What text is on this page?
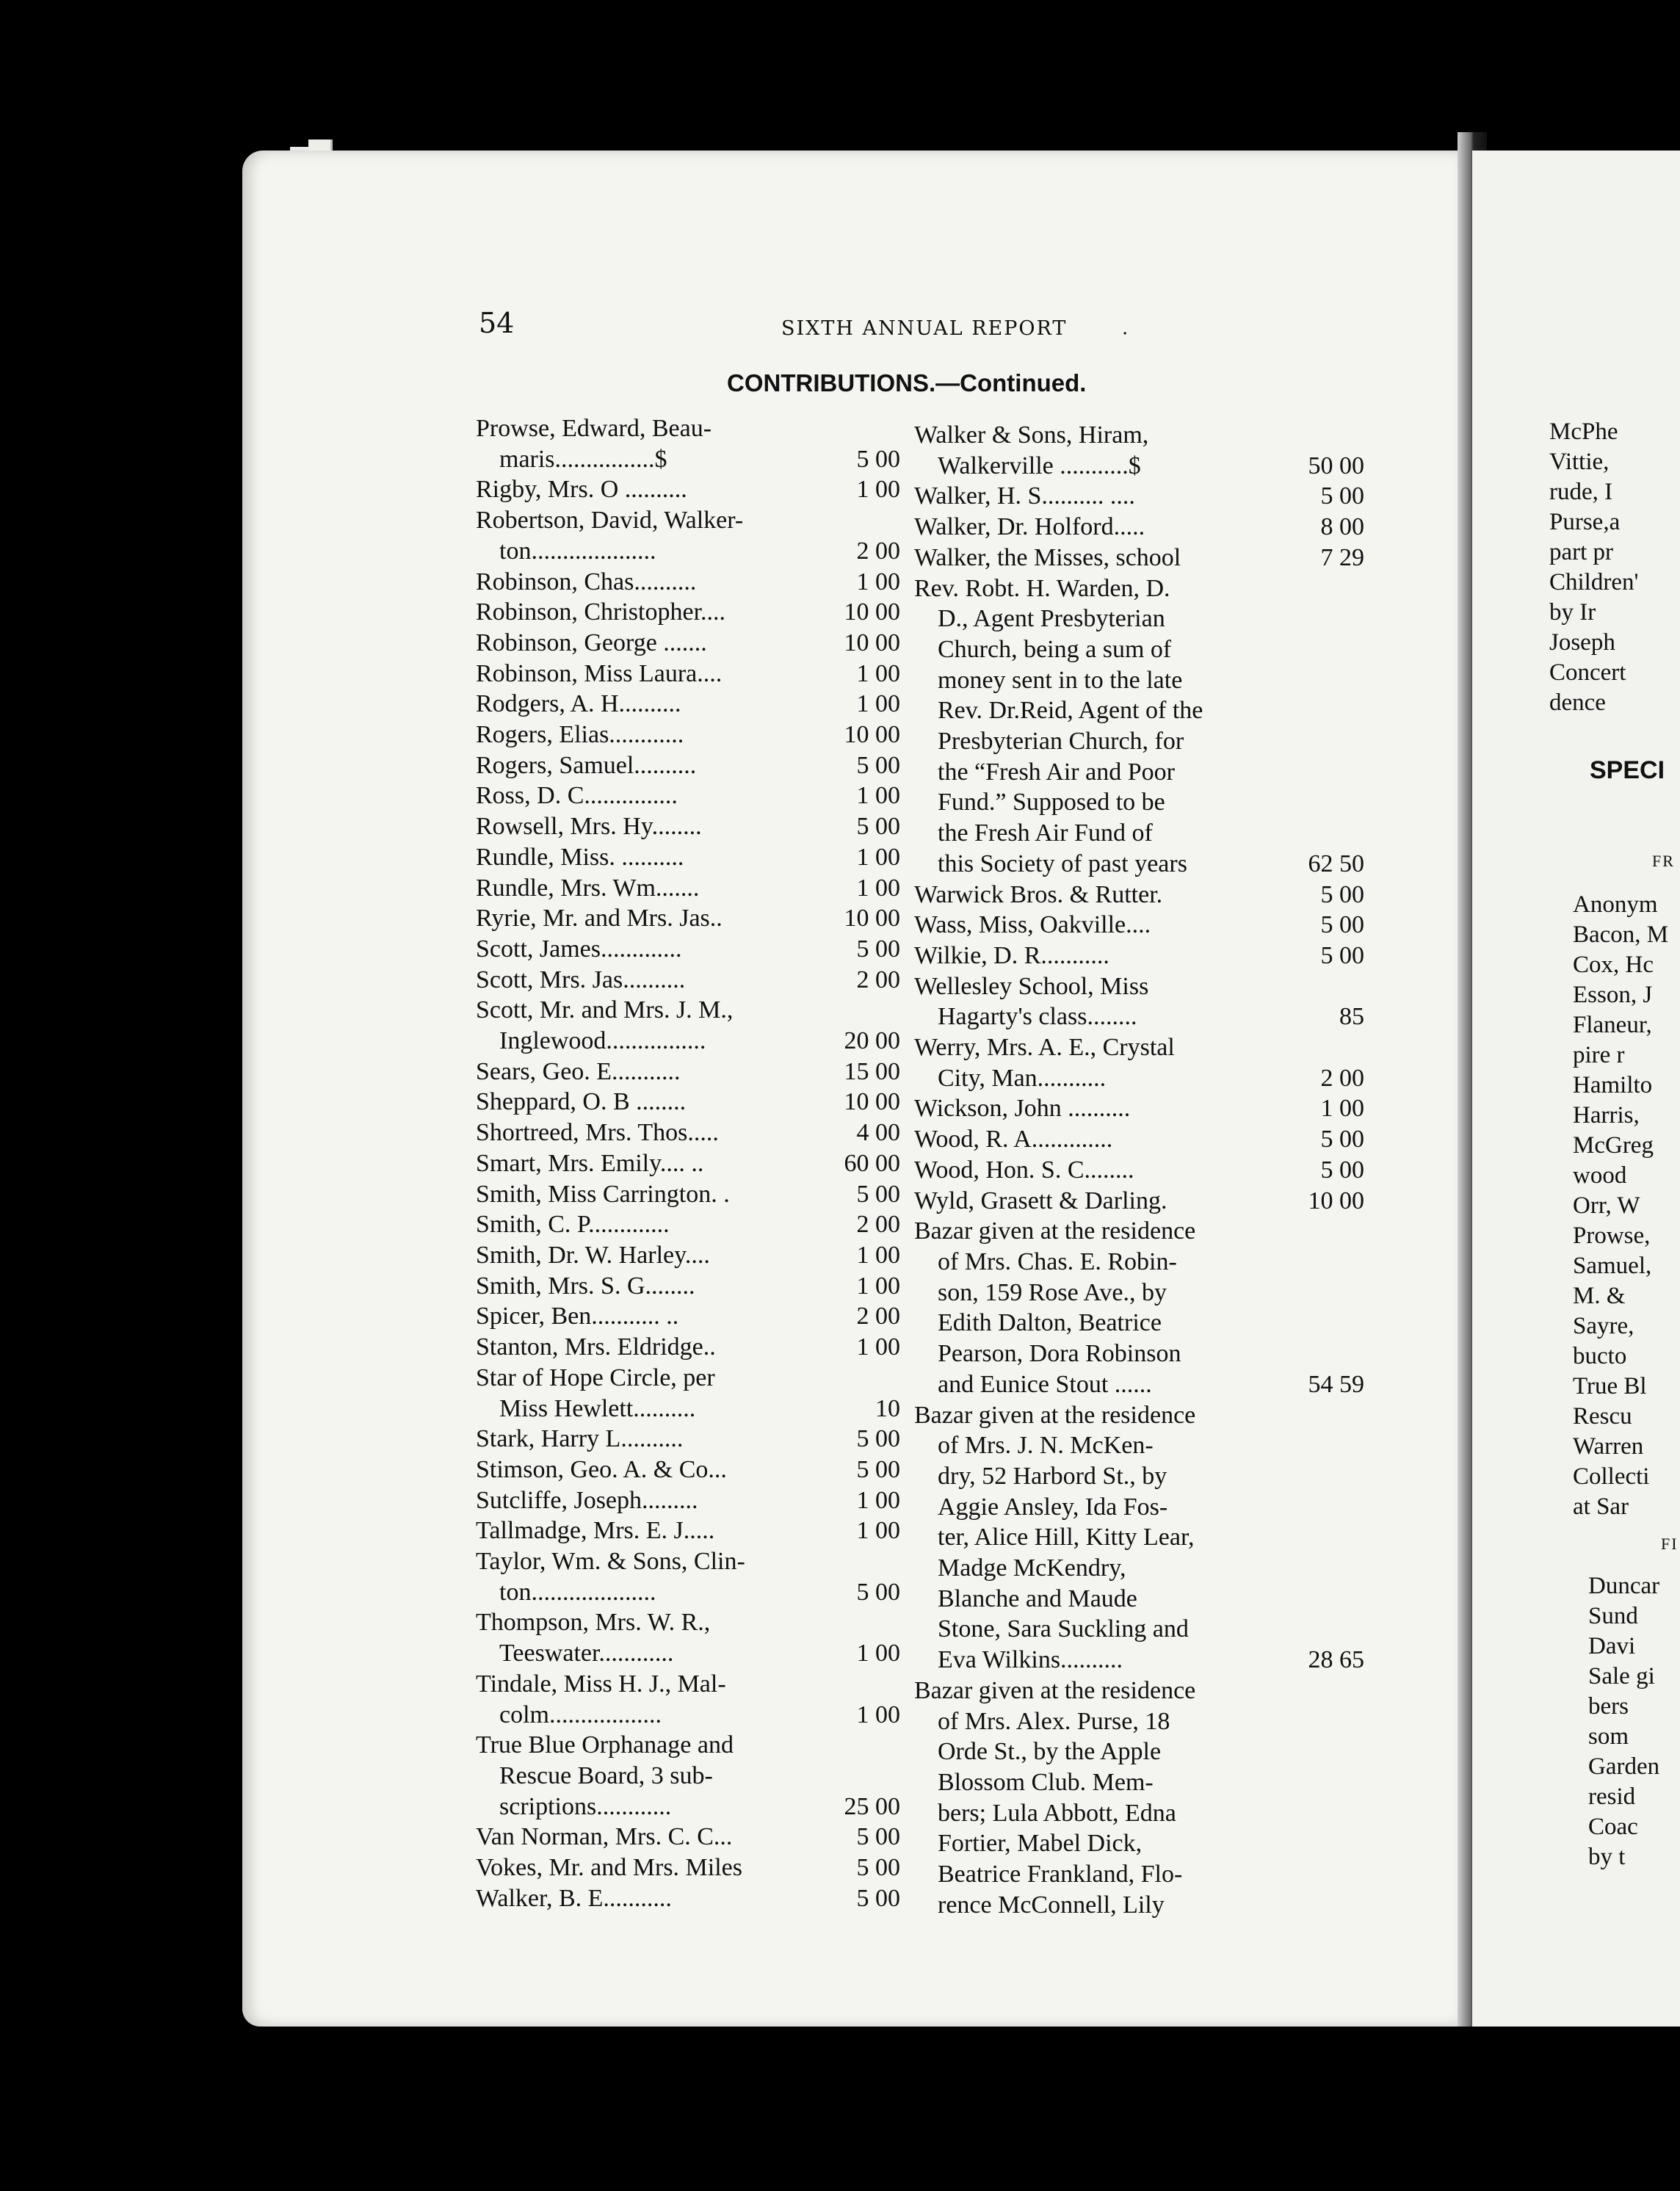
54	SIXTH ANNUAL REPORT	·
CONTRIBUTIONS.—Continued.
Prowse, Edward, Beau-
maris................$	5 00
Rigby, Mrs. O ..........	1 00
Robertson, David, Walker-
ton....................	2 00
Robinson, Chas..........	1 00
Robinson, Christopher....	10 00
Robinson, George .......	10 00
Robinson, Miss Laura....	1 00
Rodgers, A. H..........	1 00
Rogers, Elias............	10 00
Rogers, Samuel..........	5 00
Ross, D. C...............	1 00
Rowsell, Mrs. Hy........	5 00
Rundle, Miss. ..........	1 00
Rundle, Mrs. Wm.......	1 00
Ryrie, Mr. and Mrs. Jas..	10 00
Scott, James.............	5 00
Scott, Mrs. Jas..........	2 00
Scott, Mr. and Mrs. J. M.,
Inglewood................	20 00
Sears, Geo. E...........	15 00
Sheppard, O. B ........	10 00
Shortreed, Mrs. Thos.....	4 00
Smart, Mrs. Emily.... ..	60 00
Smith, Miss Carrington. .	5 00
Smith, C. P.............	2 00
Smith, Dr. W. Harley....	1 00
Smith, Mrs. S. G........	1 00
Spicer, Ben........... ..	2 00
Stanton, Mrs. Eldridge..	1 00
Star of Hope Circle, per
Miss Hewlett..........	10
Stark, Harry L..........	5 00
Stimson, Geo. A. & Co...	5 00
Sutcliffe, Joseph.........	1 00
Tallmadge, Mrs. E. J.....	1 00
Taylor, Wm. & Sons, Clin-
ton....................	5 00
Thompson, Mrs. W. R.,
Teeswater............	1 00
Tindale, Miss H. J., Mal-
colm..................	1 00
True Blue Orphanage and
Rescue Board, 3 sub-
scriptions............	25 00
Van Norman, Mrs. C. C...	5 00
Vokes, Mr. and Mrs. Miles	5 00
Walker, B. E...........	5 00
Walker & Sons, Hiram,
Walkerville ...........$	50 00
Walker, H. S.......... ....	5 00
Walker, Dr. Holford.....	8 00
Walker, the Misses, school	7 29
Rev. Robt. H. Warden, D.
D., Agent Presbyterian
Church, being a sum of
money sent in to the late
Rev. Dr.Reid, Agent of the
Presbyterian Church, for
the “Fresh Air and Poor
Fund.” Supposed to be
the Fresh Air Fund of
this Society of past years	62 50
Warwick Bros. & Rutter.	5 00
Wass, Miss, Oakville....	5 00
Wilkie, D. R...........	5 00
Wellesley School, Miss
Hagarty's class........	85
Werry, Mrs. A. E., Crystal
City, Man...........	2 00
Wickson, John ..........	1 00
Wood, R. A.............	5 00
Wood, Hon. S. C........	5 00
Wyld, Grasett & Darling.	10 00
Bazar given at the residence
of Mrs. Chas. E. Robin-
son, 159 Rose Ave., by
Edith Dalton, Beatrice
Pearson, Dora Robinson
and Eunice Stout ......	54 59
Bazar given at the residence
of Mrs. J. N. McKen-
dry, 52 Harbord St., by
Aggie Ansley, Ida Fos-
ter, Alice Hill, Kitty Lear,
Madge McKendry,
Blanche and Maude
Stone, Sara Suckling and
Eva Wilkins..........	28 65
Bazar given at the residence
of Mrs. Alex. Purse, 18
Orde St., by the Apple
Blossom Club. Mem-
bers; Lula Abbott, Edna
Fortier, Mabel Dick,
Beatrice Frankland, Flo-
rence McConnell, Lily
McPhe
Vittie,
rude, I
Purse,a
part pr
Children'
by Ir
Joseph
Concert
dence
SPECI
FR
Anonym
Bacon, M
Cox, Hc
Esson, J
Flaneur,
pire r
Hamilto
Harris,
McGreg
wood
Orr, W
Prowse,
Samuel,
M. &
Sayre,
bucto
True Bl
Rescu
Warren
Collecti
at Sar
FI
Duncar
Sund
Davi
Sale gi
bers
som
Garden
resid
Coac
by t
